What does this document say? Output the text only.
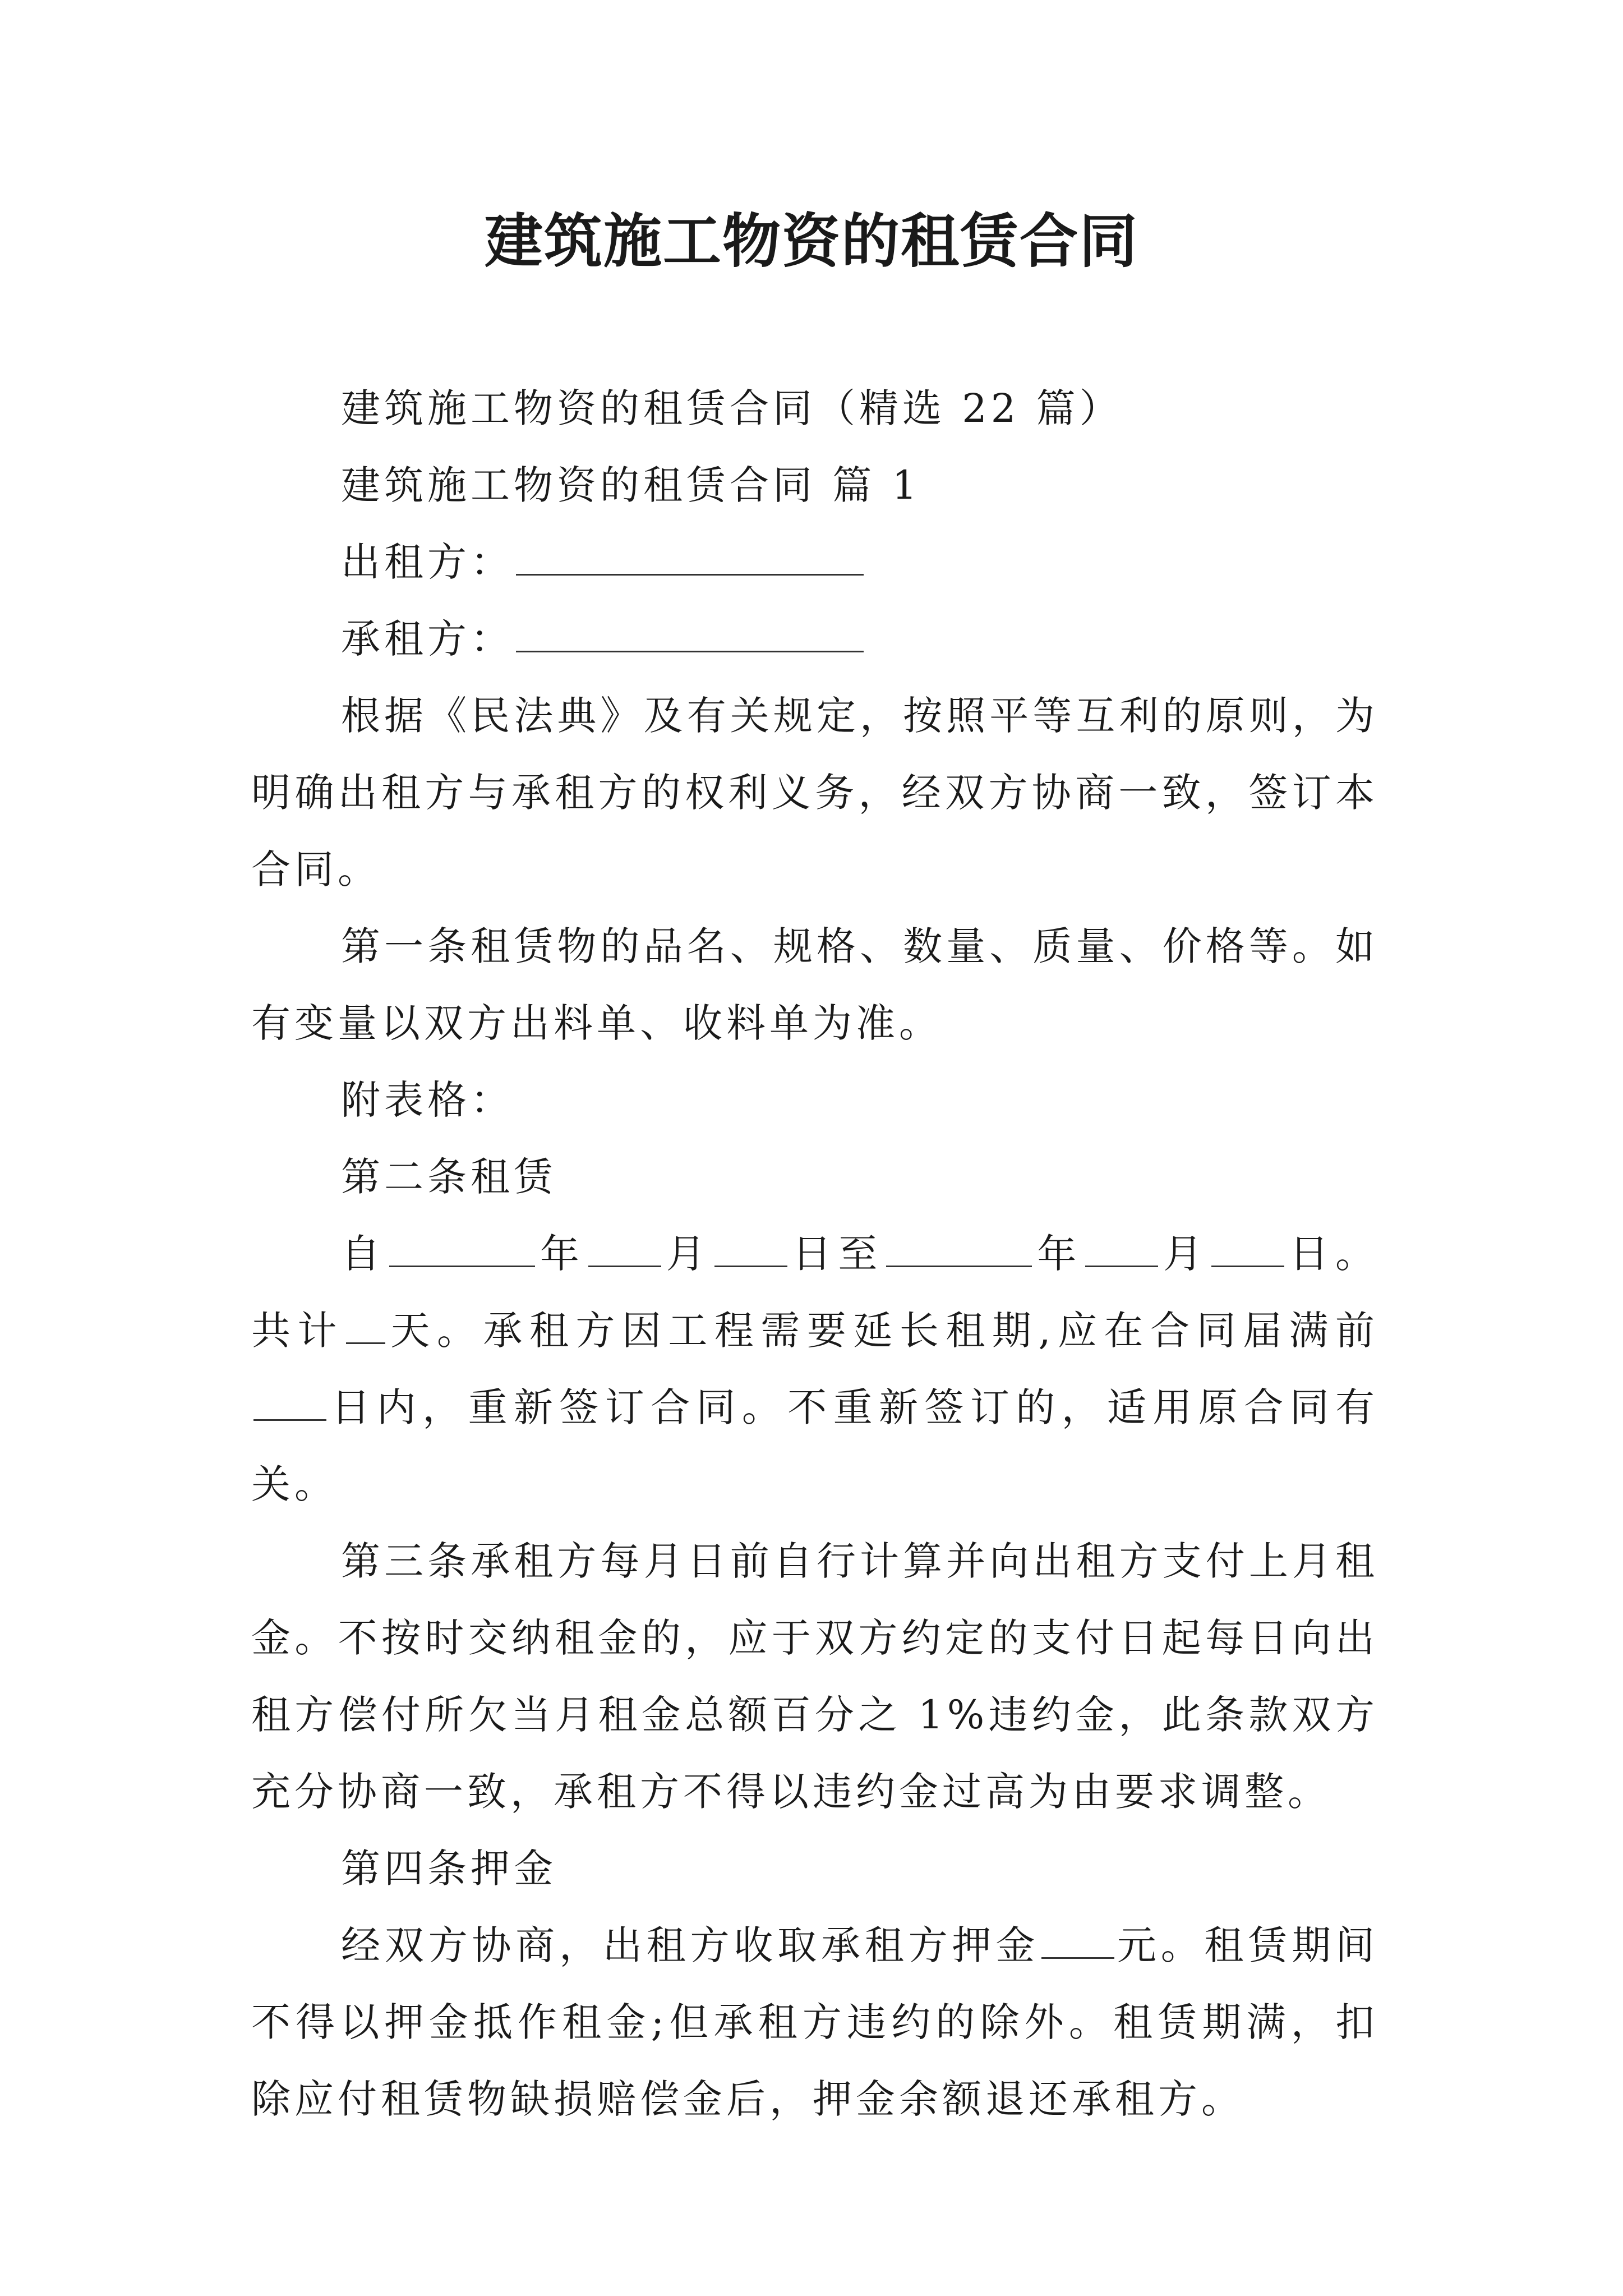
建筑施工物资的租赁合同

建筑施工物资的租赁合同（精选 22 篇）

建筑施工物资的租赁合同 篇 1

出租方：

承租方：

根据《民法典》及有关规定，按照平等互利的原则，为明确出租方与承租方的权利义务，经双方协商一致，签订本合同。

第一条租赁物的品名、规格、数量、质量、价格等。如有变量以双方出料单、收料单为准。

附表格：

第二条租赁

自	年 月 日至	年 月 日。共计 天。承租方因工程需要延长租期,应在合同届满前日内，重新签订合同。不重新签订的，适用原合同有关。

第三条承租方每月日前自行计算并向出租方支付上月租金。不按时交纳租金的，应于双方约定的支付日起每日向出租方偿付所欠当月租金总额百分之 1%违约金，此条款双方充分协商一致，承租方不得以违约金过高为由要求调整。

第四条押金

经双方协商，出租方收取承租方押金 元。租赁期间不得以押金抵作租金;但承租方违约的除外。租赁期满，扣除应付租赁物缺损赔偿金后，押金余额退还承租方。
